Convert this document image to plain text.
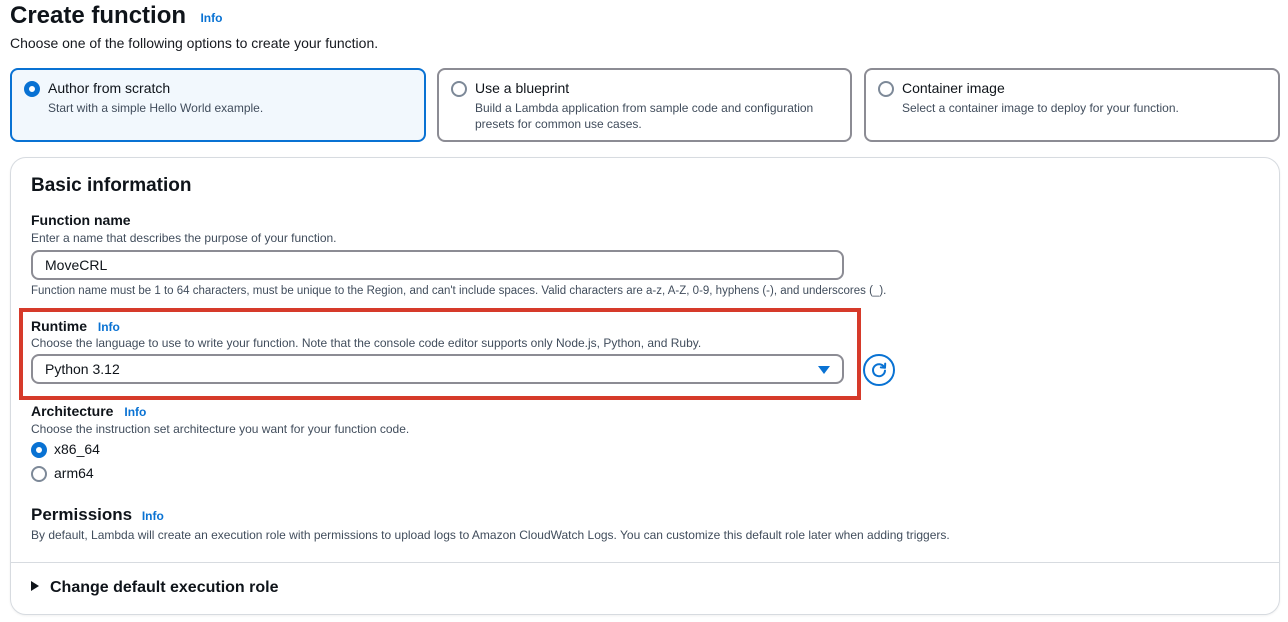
Create function Info
Choose one of the following options to create your function.
Author from scratch
Start with a simple Hello World example.
Use a blueprint
Build a Lambda application from sample code and configuration presets for common use cases.
Container image
Select a container image to deploy for your function.
Basic information
Function name
Enter a name that describes the purpose of your function.
MoveCRL
Function name must be 1 to 64 characters, must be unique to the Region, and can't include spaces. Valid characters are a-z, A-Z, 0-9, hyphens (-), and underscores (_).
Runtime Info
Choose the language to use to write your function. Note that the console code editor supports only Node.js, Python, and Ruby.
Python 3.12
Architecture Info
Choose the instruction set architecture you want for your function code.
x86_64
arm64
Permissions Info
By default, Lambda will create an execution role with permissions to upload logs to Amazon CloudWatch Logs. You can customize this default role later when adding triggers.
Change default execution role
